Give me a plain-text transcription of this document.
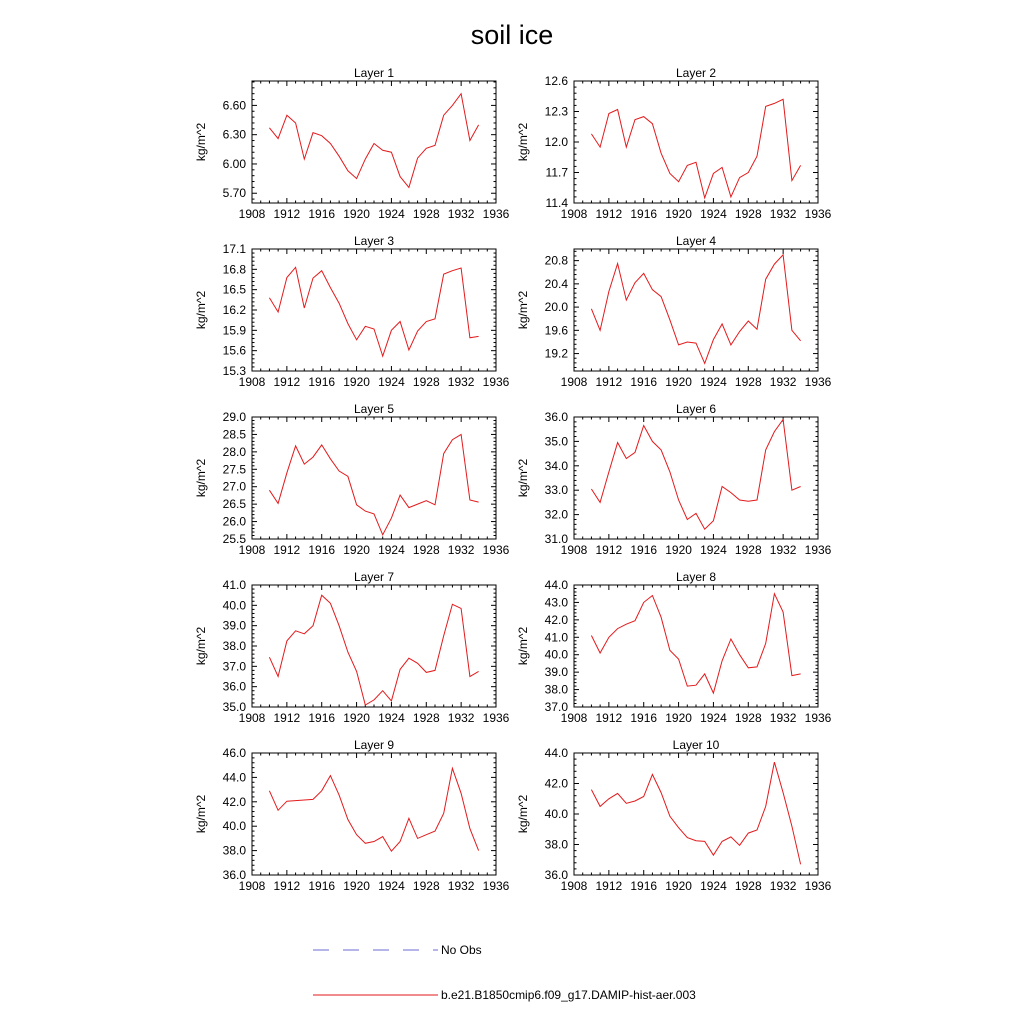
soil ice
Layer 1
kg/m^2
1908 1912 1916 1920 1924 1928 1932 1936
5.70
6.00
6.30
6.60
Layer 2
kg/m^2
1908 1912 1916 1920 1924 1928 1932 1936
11.4
11.7
12.0
12.3
12.6
Layer 3
kg/m^2
1908 1912 1916 1920 1924 1928 1932 1936
15.3
15.6
15.9
16.2
16.5
16.8
17.1
Layer 4
kg/m^2
1908 1912 1916 1920 1924 1928 1932 1936
19.2
19.6
20.0
20.4
20.8
Layer 5
kg/m^2
1908 1912 1916 1920 1924 1928 1932 1936
25.5
26.0
26.5
27.0
27.5
28.0
28.5
29.0
Layer 6
kg/m^2
1908 1912 1916 1920 1924 1928 1932 1936
31.0
32.0
33.0
34.0
35.0
36.0
Layer 7
kg/m^2
1908 1912 1916 1920 1924 1928 1932 1936
35.0
36.0
37.0
38.0
39.0
40.0
41.0
Layer 8
kg/m^2
1908 1912 1916 1920 1924 1928 1932 1936
37.0
38.0
39.0
40.0
41.0
42.0
43.0
44.0
Layer 9
kg/m^2
1908 1912 1916 1920 1924 1928 1932 1936
36.0
38.0
40.0
42.0
44.0
46.0
Layer 10
kg/m^2
1908 1912 1916 1920 1924 1928 1932 1936
36.0
38.0
40.0
42.0
44.0
No Obs
b.e21.B1850cmip6.f09_g17.DAMIP-hist-aer.003
